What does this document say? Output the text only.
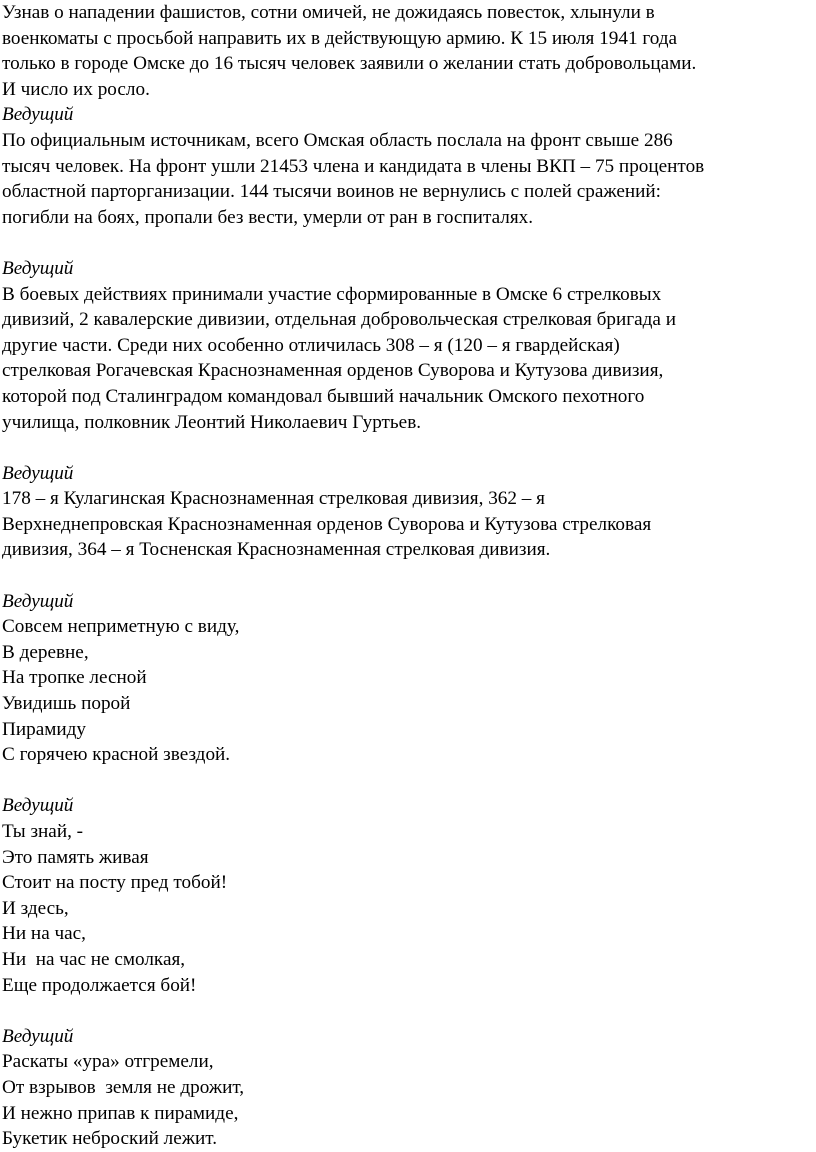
Узнав о нападении фашистов, сотни омичей, не дожидаясь повесток, хлынули в
военкоматы с просьбой направить их в действующую армию. К 15 июля 1941 года
только в городе Омске до 16 тысяч человек заявили о желании стать добровольцами.
И число их росло.
Ведущий
По официальным источникам, всего Омская область послала на фронт свыше 286
тысяч человек. На фронт ушли 21453 члена и кандидата в члены ВКП – 75 процентов
областной парторганизации. 144 тысячи воинов не вернулись с полей сражений:
погибли на боях, пропали без вести, умерли от ран в госпиталях.
Ведущий
В боевых действиях принимали участие сформированные в Омске 6 стрелковых
дивизий, 2 кавалерские дивизии, отдельная добровольческая стрелковая бригада и
другие части. Среди них особенно отличилась 308 – я (120 – я гвардейская)
стрелковая Рогачевская Краснознаменная орденов Суворова и Кутузова дивизия,
которой под Сталинградом командовал бывший начальник Омского пехотного
училища, полковник Леонтий Николаевич Гуртьев.
Ведущий
178 – я Кулагинская Краснознаменная стрелковая дивизия, 362 – я
Верхнеднепровская Краснознаменная орденов Суворова и Кутузова стрелковая
дивизия, 364 – я Тосненская Краснознаменная стрелковая дивизия.
Ведущий
Совсем неприметную с виду,
В деревне,
На тропке лесной
Увидишь порой
Пирамиду
С горячею красной звездой.
Ведущий
Ты знай, -
Это память живая
Стоит на посту пред тобой!
И здесь,
Ни на час,
Ни  на час не смолкая,
Еще продолжается бой!
Ведущий
Раскаты «ура» отгремели,
От взрывов  земля не дрожит,
И нежно припав к пирамиде,
Букетик неброский лежит.
